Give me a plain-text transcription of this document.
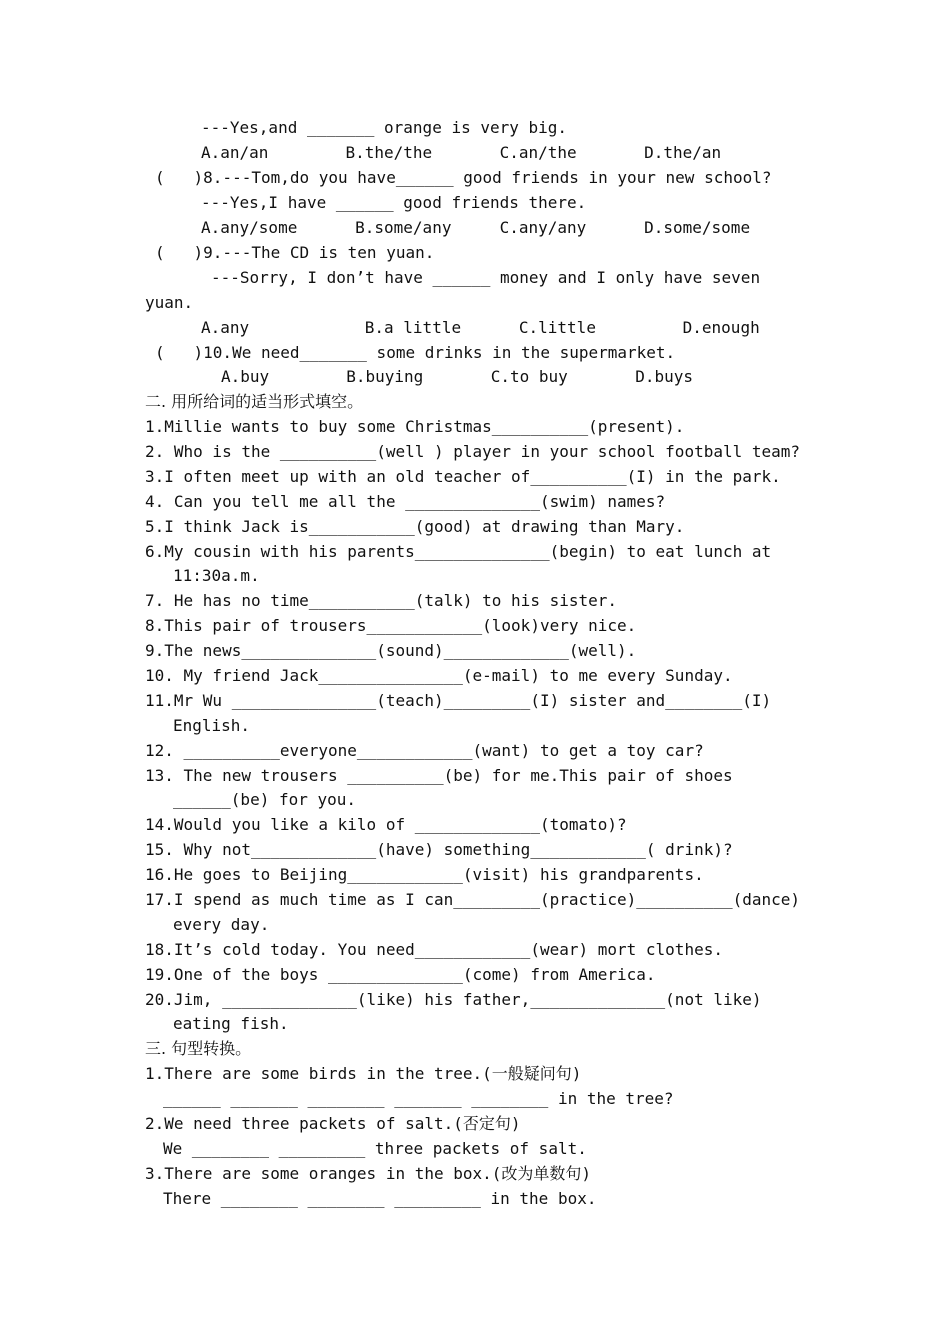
---Yes,and _______ orange is very big.
A.an/an        B.the/the       C.an/the       D.the/an
(   )8.---Tom,do you have______ good friends in your new school?
---Yes,I have ______ good friends there.
A.any/some      B.some/any     C.any/any      D.some/some
(   )9.---The CD is ten yuan.
---Sorry, I don’t have ______ money and I only have seven
yuan.
A.any            B.a little      C.little         D.enough
(   )10.We need_______ some drinks in the supermarket.
A.buy        B.buying       C.to buy       D.buys
二. 用所给词的适当形式填空。
1.Millie wants to buy some Christmas__________(present).
2. Who is the __________(well ) player in your school football team?
3.I often meet up with an old teacher of__________(I) in the park.
4. Can you tell me all the ______________(swim) names?
5.I think Jack is___________(good) at drawing than Mary.
6.My cousin with his parents______________(begin) to eat lunch at
11:30a.m.
7. He has no time___________(talk) to his sister.
8.This pair of trousers____________(look)very nice.
9.The news______________(sound)_____________(well).
10. My friend Jack_______________(e-mail) to me every Sunday.
11.Mr Wu _______________(teach)_________(I) sister and________(I)
English.
12. __________everyone____________(want) to get a toy car?
13. The new trousers __________(be) for me.This pair of shoes
______(be) for you.
14.Would you like a kilo of _____________(tomato)?
15. Why not_____________(have) something____________( drink)?
16.He goes to Beijing____________(visit) his grandparents.
17.I spend as much time as I can_________(practice)__________(dance)
every day.
18.It’s cold today. You need____________(wear) mort clothes.
19.One of the boys ______________(come) from America.
20.Jim, ______________(like) his father,______________(not like)
eating fish.
三. 句型转换。
1.There are some birds in the tree.(一般疑问句)
______ _______ ________ _______ ________ in the tree?
2.We need three packets of salt.(否定句)
We ________ _________ three packets of salt.
3.There are some oranges in the box.(改为单数句)
There ________ ________ _________ in the box.
